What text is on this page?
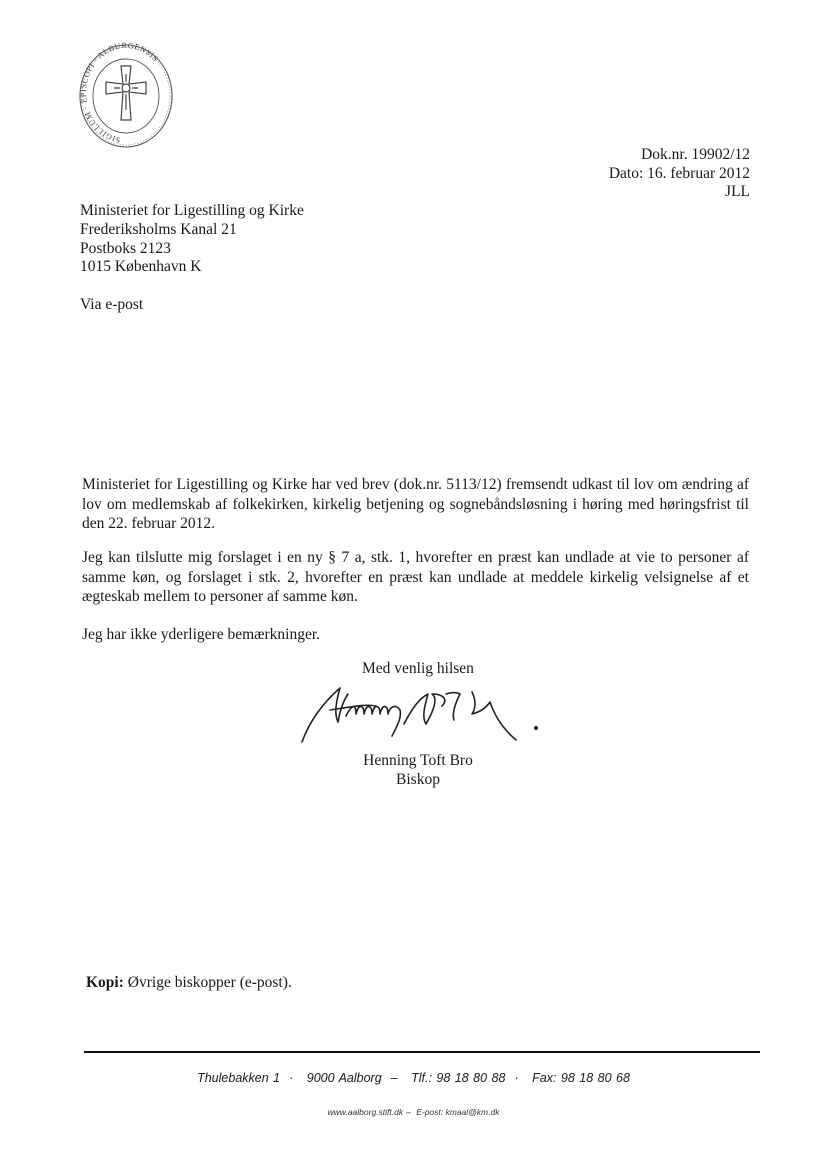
SIGILLUM · EPISCOPI · ALBURGENSIS
Dok.nr. 19902/12
Dato: 16. februar 2012
JLL
Ministeriet for Ligestilling og Kirke
Frederiksholms Kanal 21
Postboks 2123
1015 København K
Via e-post
Ministeriet for Ligestilling og Kirke har ved brev (dok.nr. 5113/12) fremsendt udkast til lov om ændring af lov om medlemskab af folkekirken, kirkelig betjening og sognebåndsløsning i høring med høringsfrist til den 22. februar 2012.
Jeg kan tilslutte mig forslaget i en ny § 7 a, stk. 1, hvorefter en præst kan undlade at vie to personer af samme køn, og forslaget i stk. 2, hvorefter en præst kan undlade at meddele kirkelig velsignelse af et ægteskab mellem to personer af samme køn.
Jeg har ikke yderligere bemærkninger.
Med venlig hilsen
Henning Toft Bro
Biskop
Kopi: Øvrige biskopper (e-post).
Thulebakken 1 · 9000 Aalborg – Tlf.: 98 18 80 88 · Fax: 98 18 80 68
www.aalborg.stift.dk – E-post: kmaal@km.dk
